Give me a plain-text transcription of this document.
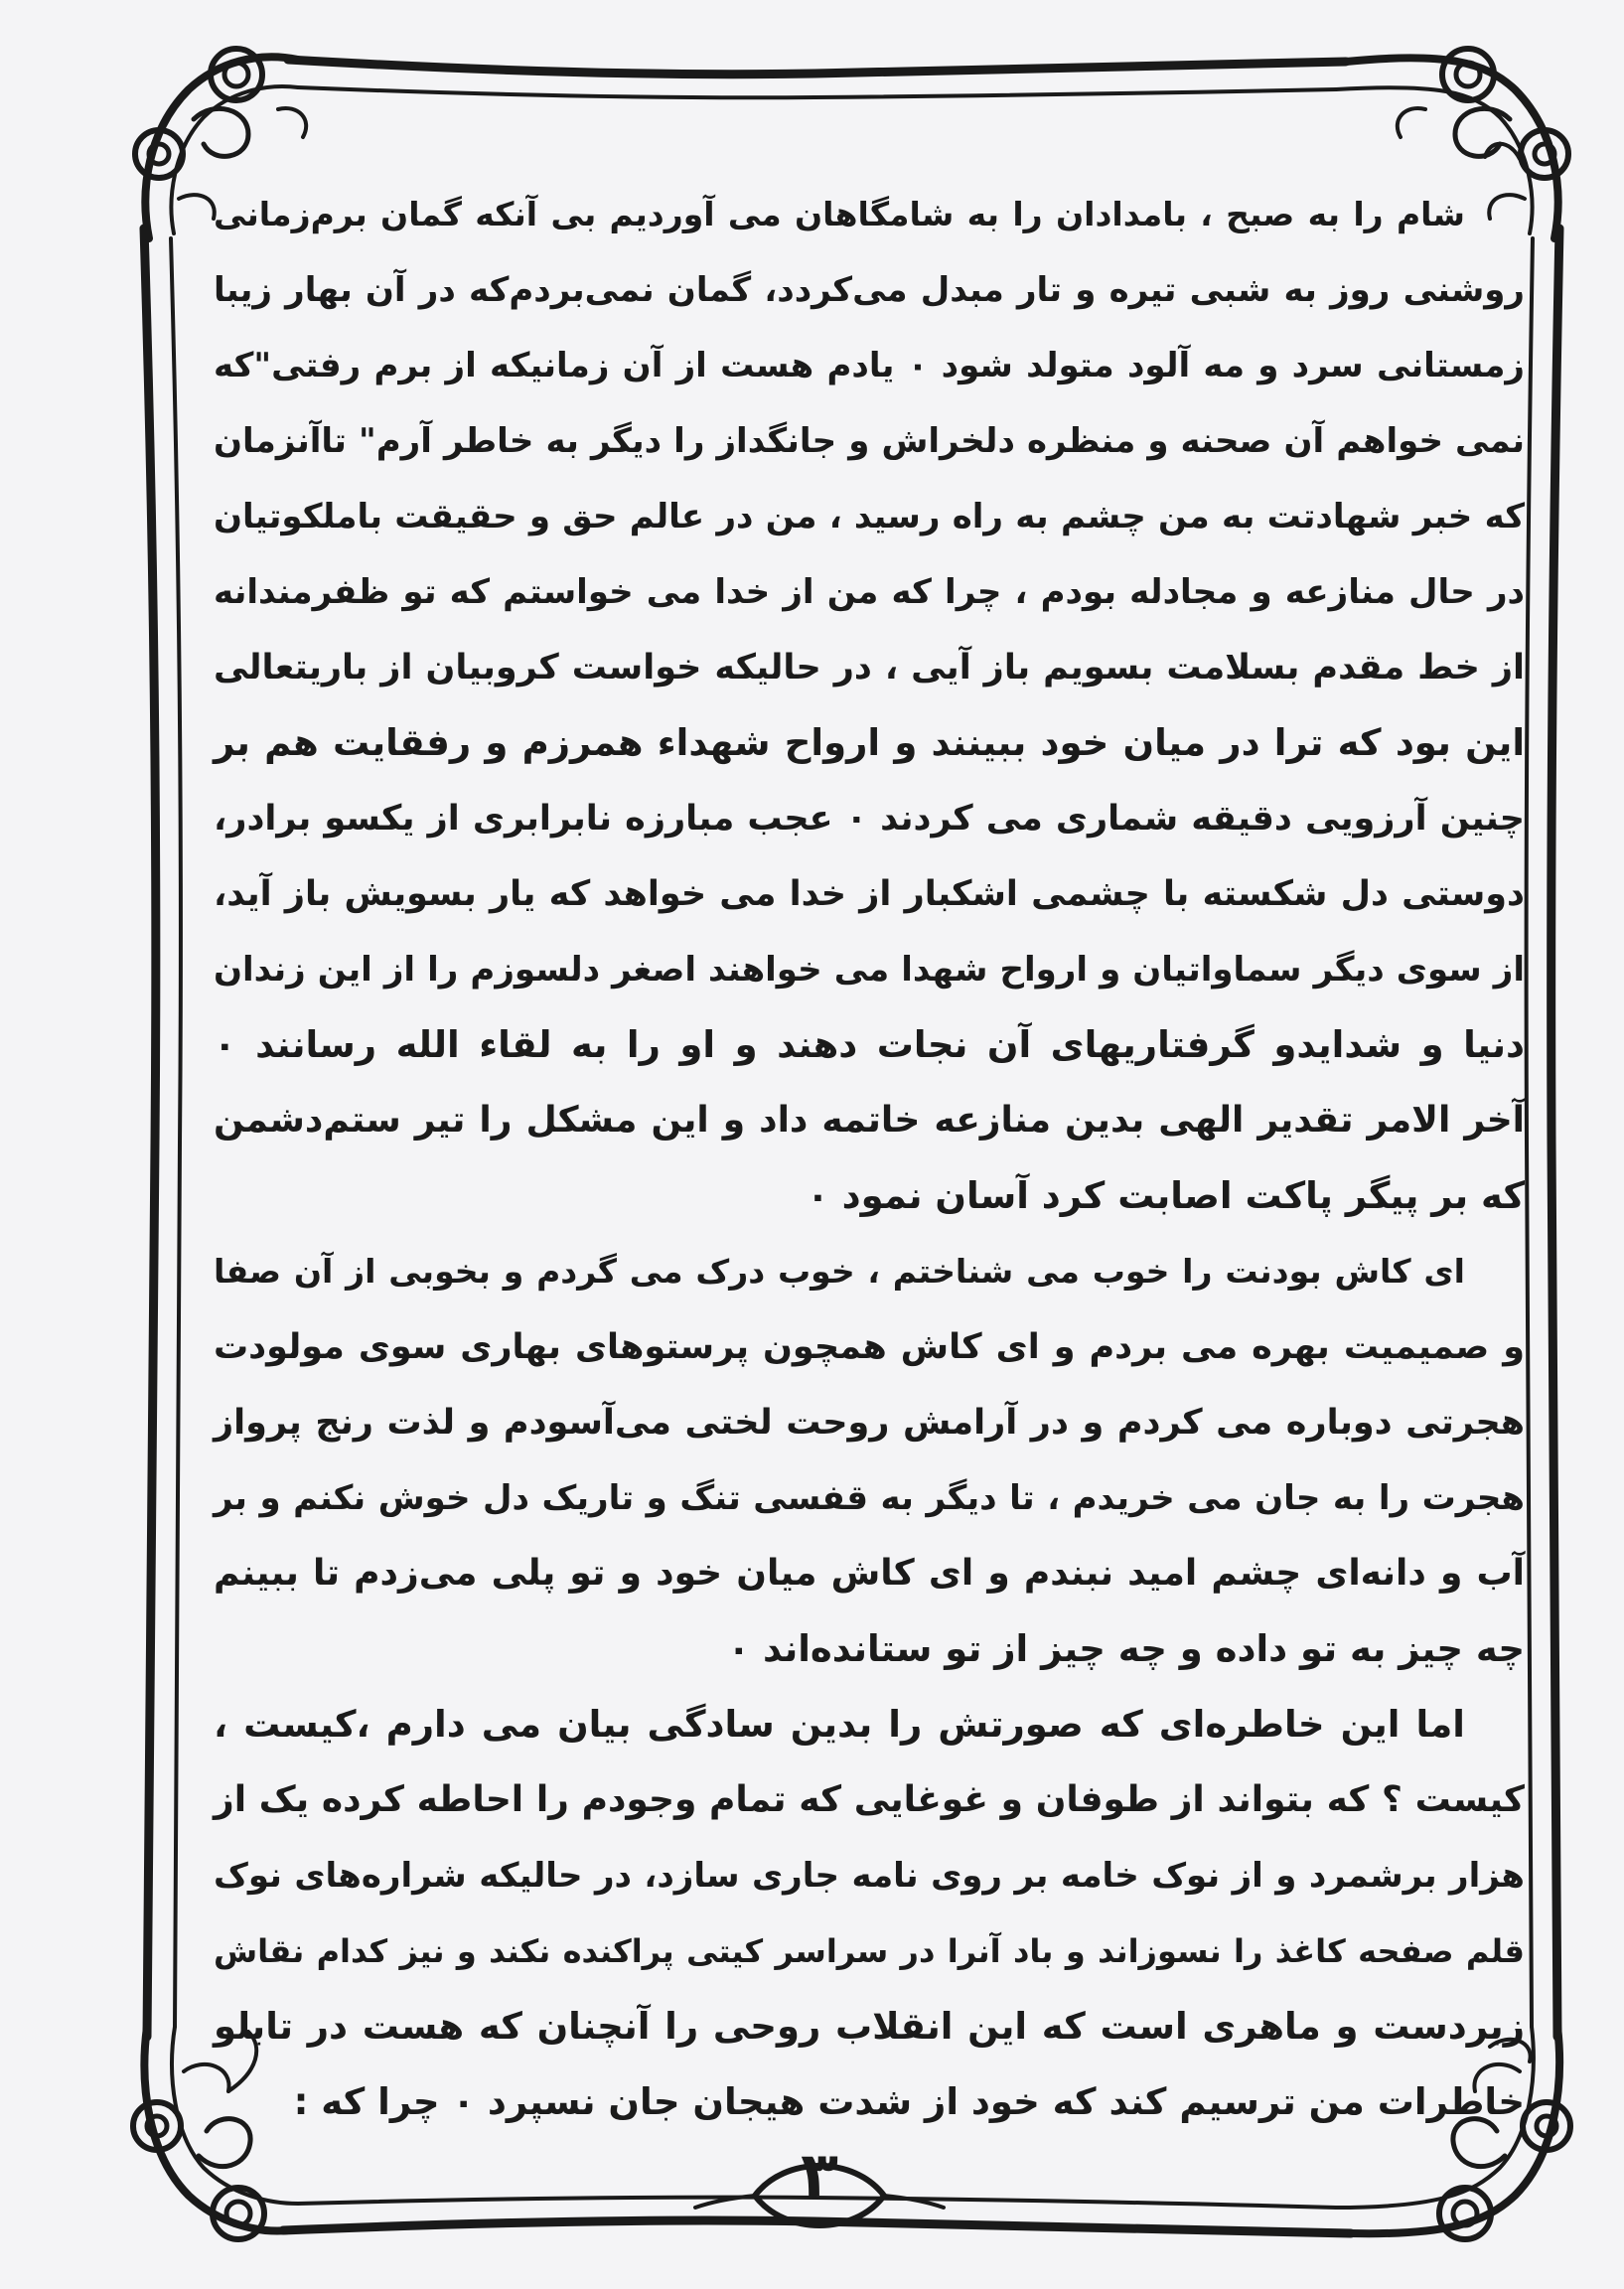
شام را به صبح ، بامدادان را به شامگاهان می آوردیم بی آنکه گمان برم‌زمانی
روشنی روز به شبی تیره و تار مبدل می‌کردد، گمان نمی‌بردم‌که در آن بهار زیبا
زمستانی سرد و مه آلود متولد شود ۰ یادم هست از آن زمانیکه از برم رفتی"که
نمی خواهم آن صحنه و منظره دلخراش و جانگداز را دیگر به خاطر آرم" تاآنزمان
که خبر شهادتت به من چشم به راه رسید ، من در عالم حق و حقیقت باملکوتیان
در حال منازعه و مجادله بودم ، چرا که من از خدا می خواستم که تو ظفرمندانه
از خط مقدم بسلامت بسویم باز آیی ، در حالیکه خواست کروبیان از باریتعالی
این بود که ترا در میان خود ببینند و ارواح شهداء همرزم و رفقایت هم بر
چنین آرزویی دقیقه شماری می کردند ۰ عجب مبارزه نابرابری از یکسو برادر،
دوستی دل شکسته با چشمی اشکبار از خدا می خواهد که یار بسویش باز آید،
از سوی دیگر سماواتیان و ارواح شهدا می خواهند اصغر دلسوزم را از این زندان
دنیا و شدایدو گرفتاریهای آن نجات دهند و او را به لقاء الله رسانند ۰
آخر الامر تقدیر الهی بدین منازعه خاتمه داد و این مشکل را تیر ستم‌دشمن
که بر پیگر پاکت اصابت کرد آسان نمود ۰
ای کاش بودنت را خوب می شناختم ، خوب درک می گردم و بخوبی از آن صفا
و صمیمیت بهره می بردم و ای کاش همچون پرستوهای بهاری سوی مولودت
هجرتی دوباره می کردم و در آرامش روحت لختی می‌آسودم و لذت رنج پرواز
هجرت را به جان می خریدم ، تا دیگر به قفسی تنگ و تاریک دل خوش نکنم و بر
آب و دانه‌ای چشم امید نبندم و ای کاش میان خود و تو پلی می‌زدم تا ببینم
چه چیز به تو داده و چه چیز از تو ستانده‌اند ۰
اما این خاطره‌ای که صورتش را بدین سادگی بیان می دارم ،کیست ،
کیست ؟ که بتواند از طوفان و غوغایی که تمام وجودم را احاطه کرده یک از
هزار برشمرد و از نوک خامه بر روی نامه جاری سازد، در حالیکه شراره‌های نوک
قلم صفحه کاغذ را نسوزاند و باد آنرا در سراسر کیتی پراکنده نکند و نیز کدام نقاش
زبردست و ماهری است که این انقلاب روحی را آنچنان که هست در تابلو
خاطرات من ترسیم کند که خود از شدت هیجان جان نسپرد ۰ چرا که :
۳
